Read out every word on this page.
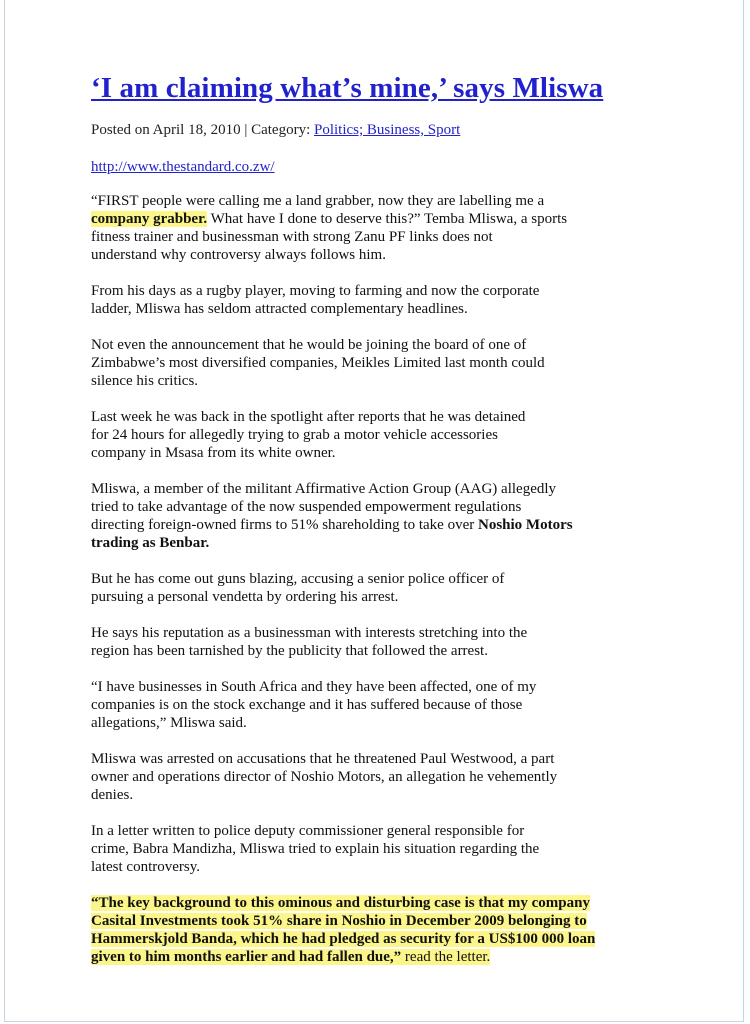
‘I am claiming what’s mine,’ says Mliswa
Posted on April 18, 2010 | Category: Politics; Business, Sport
http://www.thestandard.co.zw/
“FIRST people were calling me a land grabber, now they are labelling me a
company grabber. What have I done to deserve this?” Temba Mliswa, a sports
fitness trainer and businessman with strong Zanu PF links does not
understand why controversy always follows him.
From his days as a rugby player, moving to farming and now the corporate
ladder, Mliswa has seldom attracted complementary headlines.
Not even the announcement that he would be joining the board of one of
Zimbabwe’s most diversified companies, Meikles Limited last month could
silence his critics.
Last week he was back in the spotlight after reports that he was detained
for 24 hours for allegedly trying to grab a motor vehicle accessories
company in Msasa from its white owner.
Mliswa, a member of the militant Affirmative Action Group (AAG) allegedly
tried to take advantage of the now suspended empowerment regulations
directing foreign-owned firms to 51% shareholding to take over Noshio Motors
trading as Benbar.
But he has come out guns blazing, accusing a senior police officer of
pursuing a personal vendetta by ordering his arrest.
He says his reputation as a businessman with interests stretching into the
region has been tarnished by the publicity that followed the arrest.
“I have businesses in South Africa and they have been affected, one of my
companies is on the stock exchange and it has suffered because of those
allegations,” Mliswa said.
Mliswa was arrested on accusations that he threatened Paul Westwood, a part
owner and operations director of Noshio Motors, an allegation he vehemently
denies.
In a letter written to police deputy commissioner general responsible for
crime, Babra Mandizha, Mliswa tried to explain his situation regarding the
latest controversy.
“The key background to this ominous and disturbing case is that my company
Casital Investments took 51% share in Noshio in December 2009 belonging to
Hammerskjold Banda, which he had pledged as security for a US$100 000 loan
given to him months earlier and had fallen due,” read the letter.
